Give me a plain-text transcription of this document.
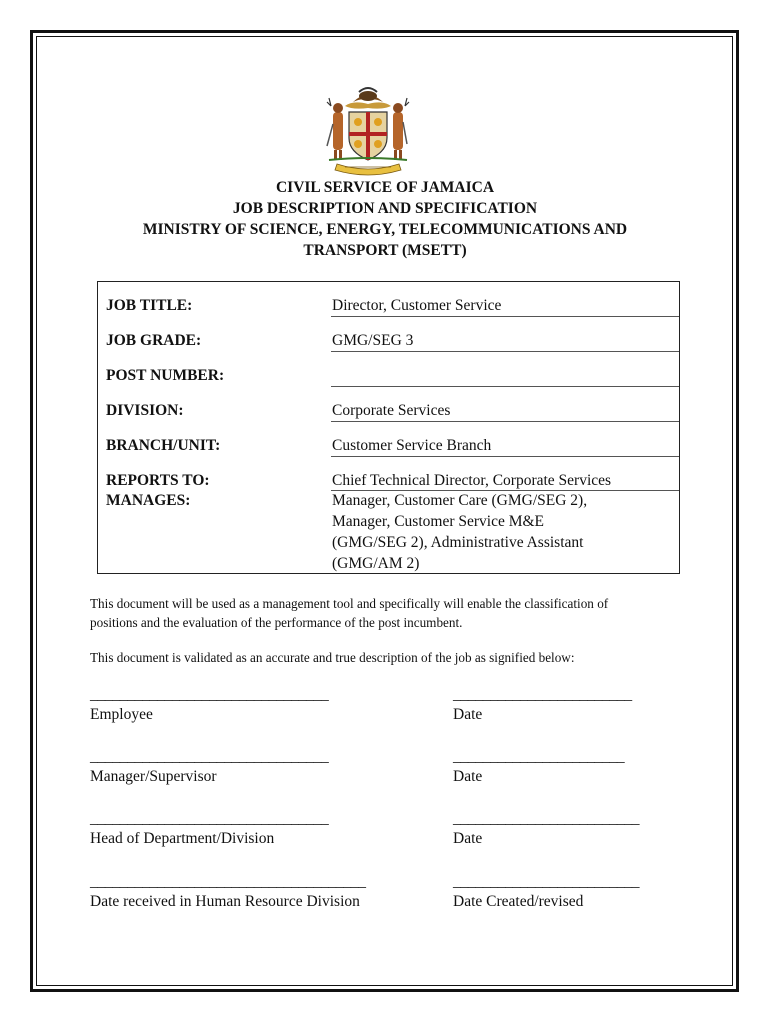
CIVIL SERVICE OF JAMAICA
JOB DESCRIPTION AND SPECIFICATION
MINISTRY OF SCIENCE, ENERGY, TELECOMMUNICATIONS AND
TRANSPORT (MSETT)
JOB TITLE:	Director, Customer Service
JOB GRADE:	GMG/SEG 3
POST NUMBER:
DIVISION:	Corporate Services
BRANCH/UNIT:	Customer Service Branch
REPORTS TO:	Chief Technical Director, Corporate Services
MANAGES:	Manager, Customer Care (GMG/SEG 2),
Manager, Customer Service M&E
(GMG/SEG 2), Administrative Assistant
(GMG/AM 2)
This document will be used as a management tool and specifically will enable the classification of
positions and the evaluation of the performance of the post incumbent.
This document is validated as an accurate and true description of the job as signified below:
________________________________	________________________
Employee	Date
________________________________	_______________________
Manager/Supervisor	Date
________________________________	_________________________
Head of Department/Division	Date
_____________________________________	_________________________
Date received in Human Resource Division	Date Created/revised
